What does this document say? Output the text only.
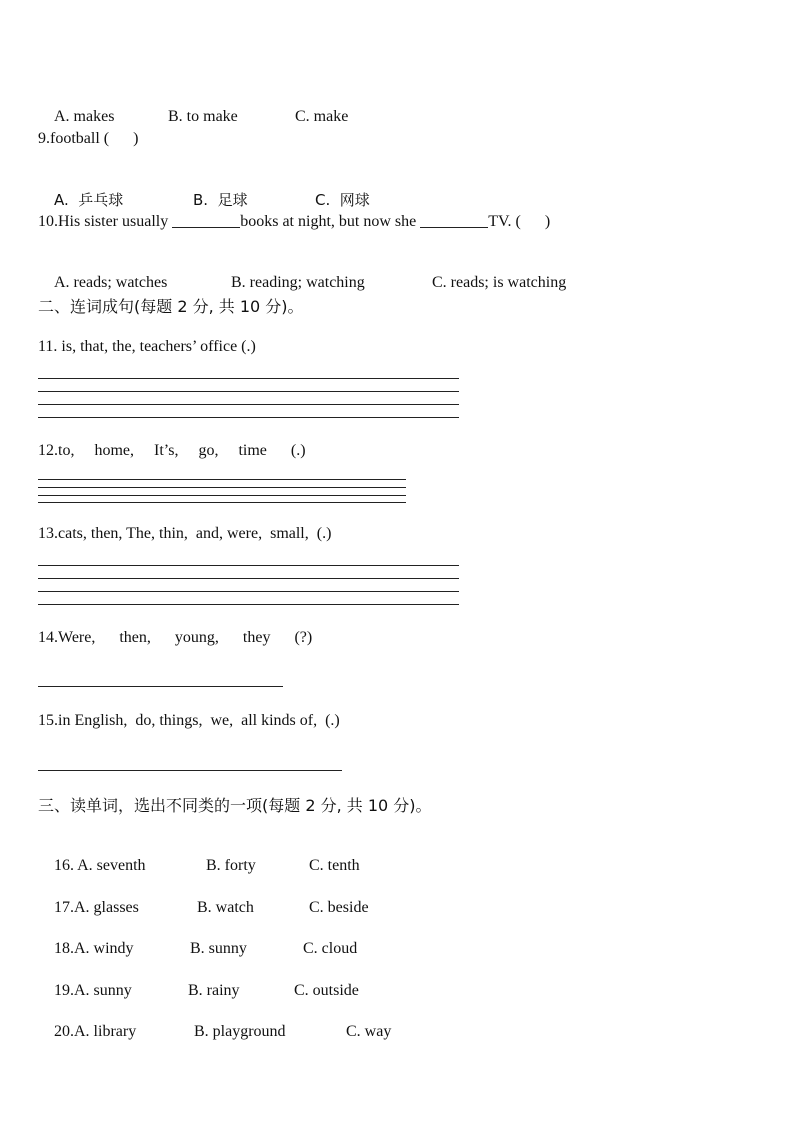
A. makes	B. to make	C. make

9.football (      )

A.  乒乓球	B.  足球	C.  网球

10.His sister usually	books at night, but now she	TV. (      )

A. reads; watches	B. reading; watching	C. reads; is watching

二、连词成句(每题 2 分, 共 10 分)。
11. is, that, the, teachers’ office (.)
12.to,     home,     It’s,     go,     time      (.)
13.cats, then, The, thin,  and, were,  small,  (.)
14.Were,      then,      young,      they      (?)
15.in English,  do, things,  we,  all kinds of,  (.)
三、读单词，选出不同类的一项(每题 2 分, 共 10 分)。

16. A. seventh	B. forty	C. tenth

17.A. glasses	B. watch	C. beside

18.A. windy	B. sunny	C. cloud

19.A. sunny	B. rainy	C. outside

20.A. library	B. playground	C. way
